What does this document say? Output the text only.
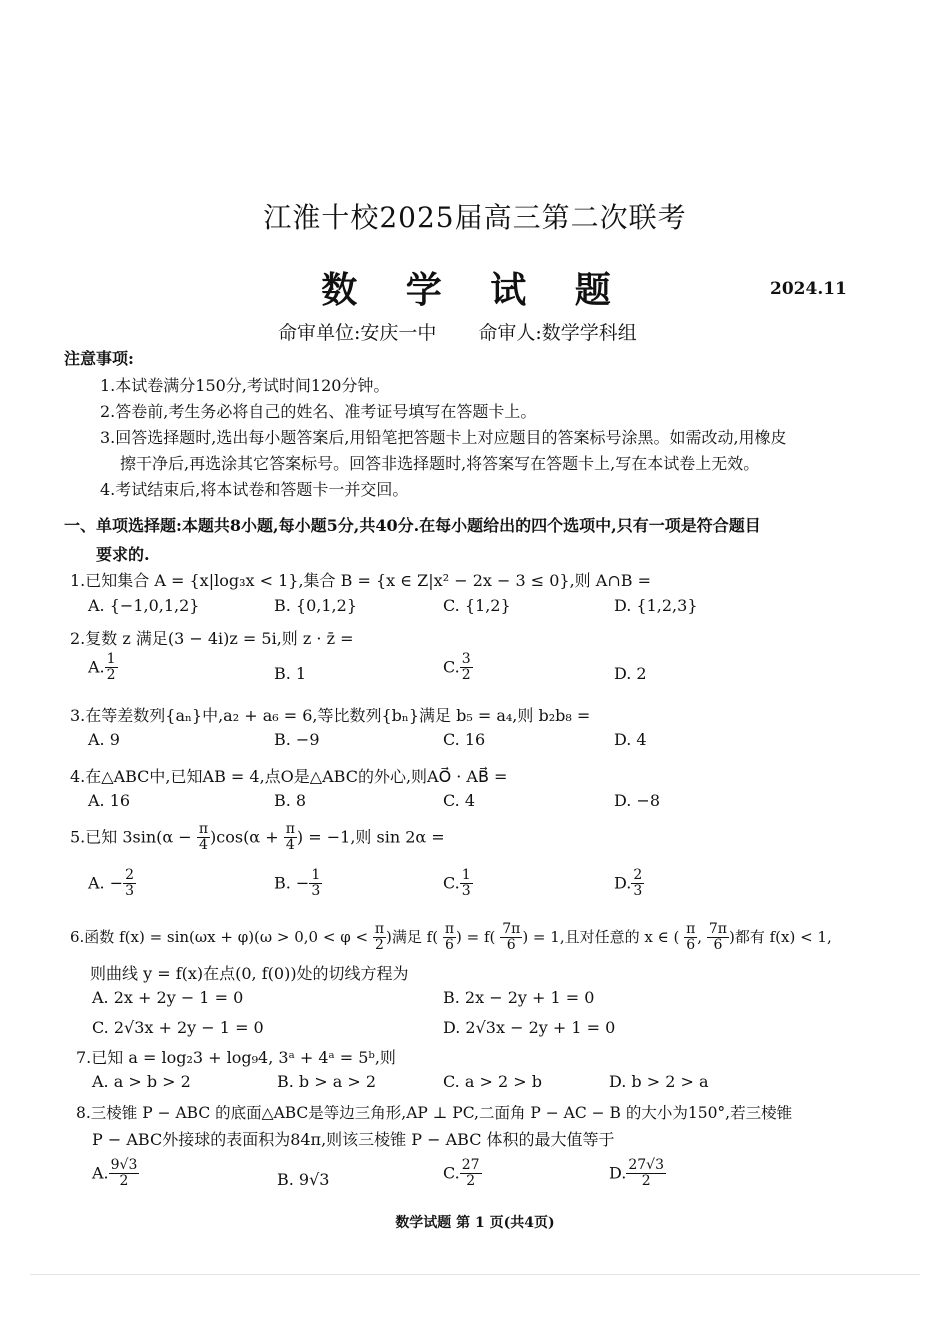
江淮十校2025届高三第二次联考
数 学 试 题	2024.11
命审单位:安庆一中 命审人:数学学科组
注意事项:
1.本试卷满分150分,考试时间120分钟。
2.答卷前,考生务必将自己的姓名、准考证号填写在答题卡上。
3.回答选择题时,选出每小题答案后,用铅笔把答题卡上对应题目的答案标号涂黑。如需改动,用橡皮
擦干净后,再选涂其它答案标号。回答非选择题时,将答案写在答题卡上,写在本试卷上无效。
4.考试结束后,将本试卷和答题卡一并交回。
一、单项选择题:本题共8小题,每小题5分,共40分.在每小题给出的四个选项中,只有一项是符合题目
要求的.
1.已知集合 A = {x|log₃x < 1},集合 B = {x ∈ Z|x² − 2x − 3 ≤ 0},则 A∩B =
A. {−1,0,1,2}	B. {0,1,2}	C. {1,2}	D. {1,2,3}
2.复数 z 满足(3 − 4i)z = 5i,则 z · z̄ =
A. $\frac{1}{2}$	B. 1	C. $\frac{3}{2}$	D. 2
3.在等差数列{aₙ}中,a₂ + a₆ = 6,等比数列{bₙ}满足 b₅ = a₄,则 b₂b₈ =
A. 9	B. −9	C. 16	D. 4
4.在△ABC中,已知AB = 4,点O是△ABC的外心,则AO⃗ · AB⃗ =
A. 16	B. 8	C. 4	D. −8
5.已知 $3\sin(\alpha - \frac{\pi}{4} )\cos(\alpha + \frac{\pi}{4}$ ) = −1,则 sin 2α =
A. − $\frac{2}{3}$	B. − $\frac{1}{3}$	C. $\frac{1}{3}$	D. $\frac{2}{3}$
6.函数 $f(x) = \sin(\omega x + \varphi)(\omega > 0,0 < \varphi < \frac{\pi}{2}$ )满足 $f( \frac{\pi}{6}$ ) = $f( \frac{7\pi}{6}$ ) = 1,且对任意的 x ∈ ( $\frac{\pi}{6}$ , $\frac{7\pi}{6}$ )都有 f(x) < 1,
则曲线 y = f(x)在点(0, f(0))处的切线方程为
A. 2x + 2y − 1 = 0	B. 2x − 2y + 1 = 0
C. 2√3x + 2y − 1 = 0	D. 2√3x − 2y + 1 = 0
7.已知 a = log₂3 + log₉4, 3ᵃ + 4ᵃ = 5ᵇ,则
A. a > b > 2	B. b > a > 2	C. a > 2 > b	D. b > 2 > a
8.三棱锥 P − ABC 的底面△ABC是等边三角形,AP ⊥ PC,二面角 P − AC − B 的大小为150°,若三棱锥
P − ABC外接球的表面积为84π,则该三棱锥 P − ABC 体积的最大值等于
A. $\frac{9√3}{2}$	B. 9√3	C. $\frac{27}{2}$	D. $\frac{27√3}{2}$
数学试题 第 1 页(共4页)
